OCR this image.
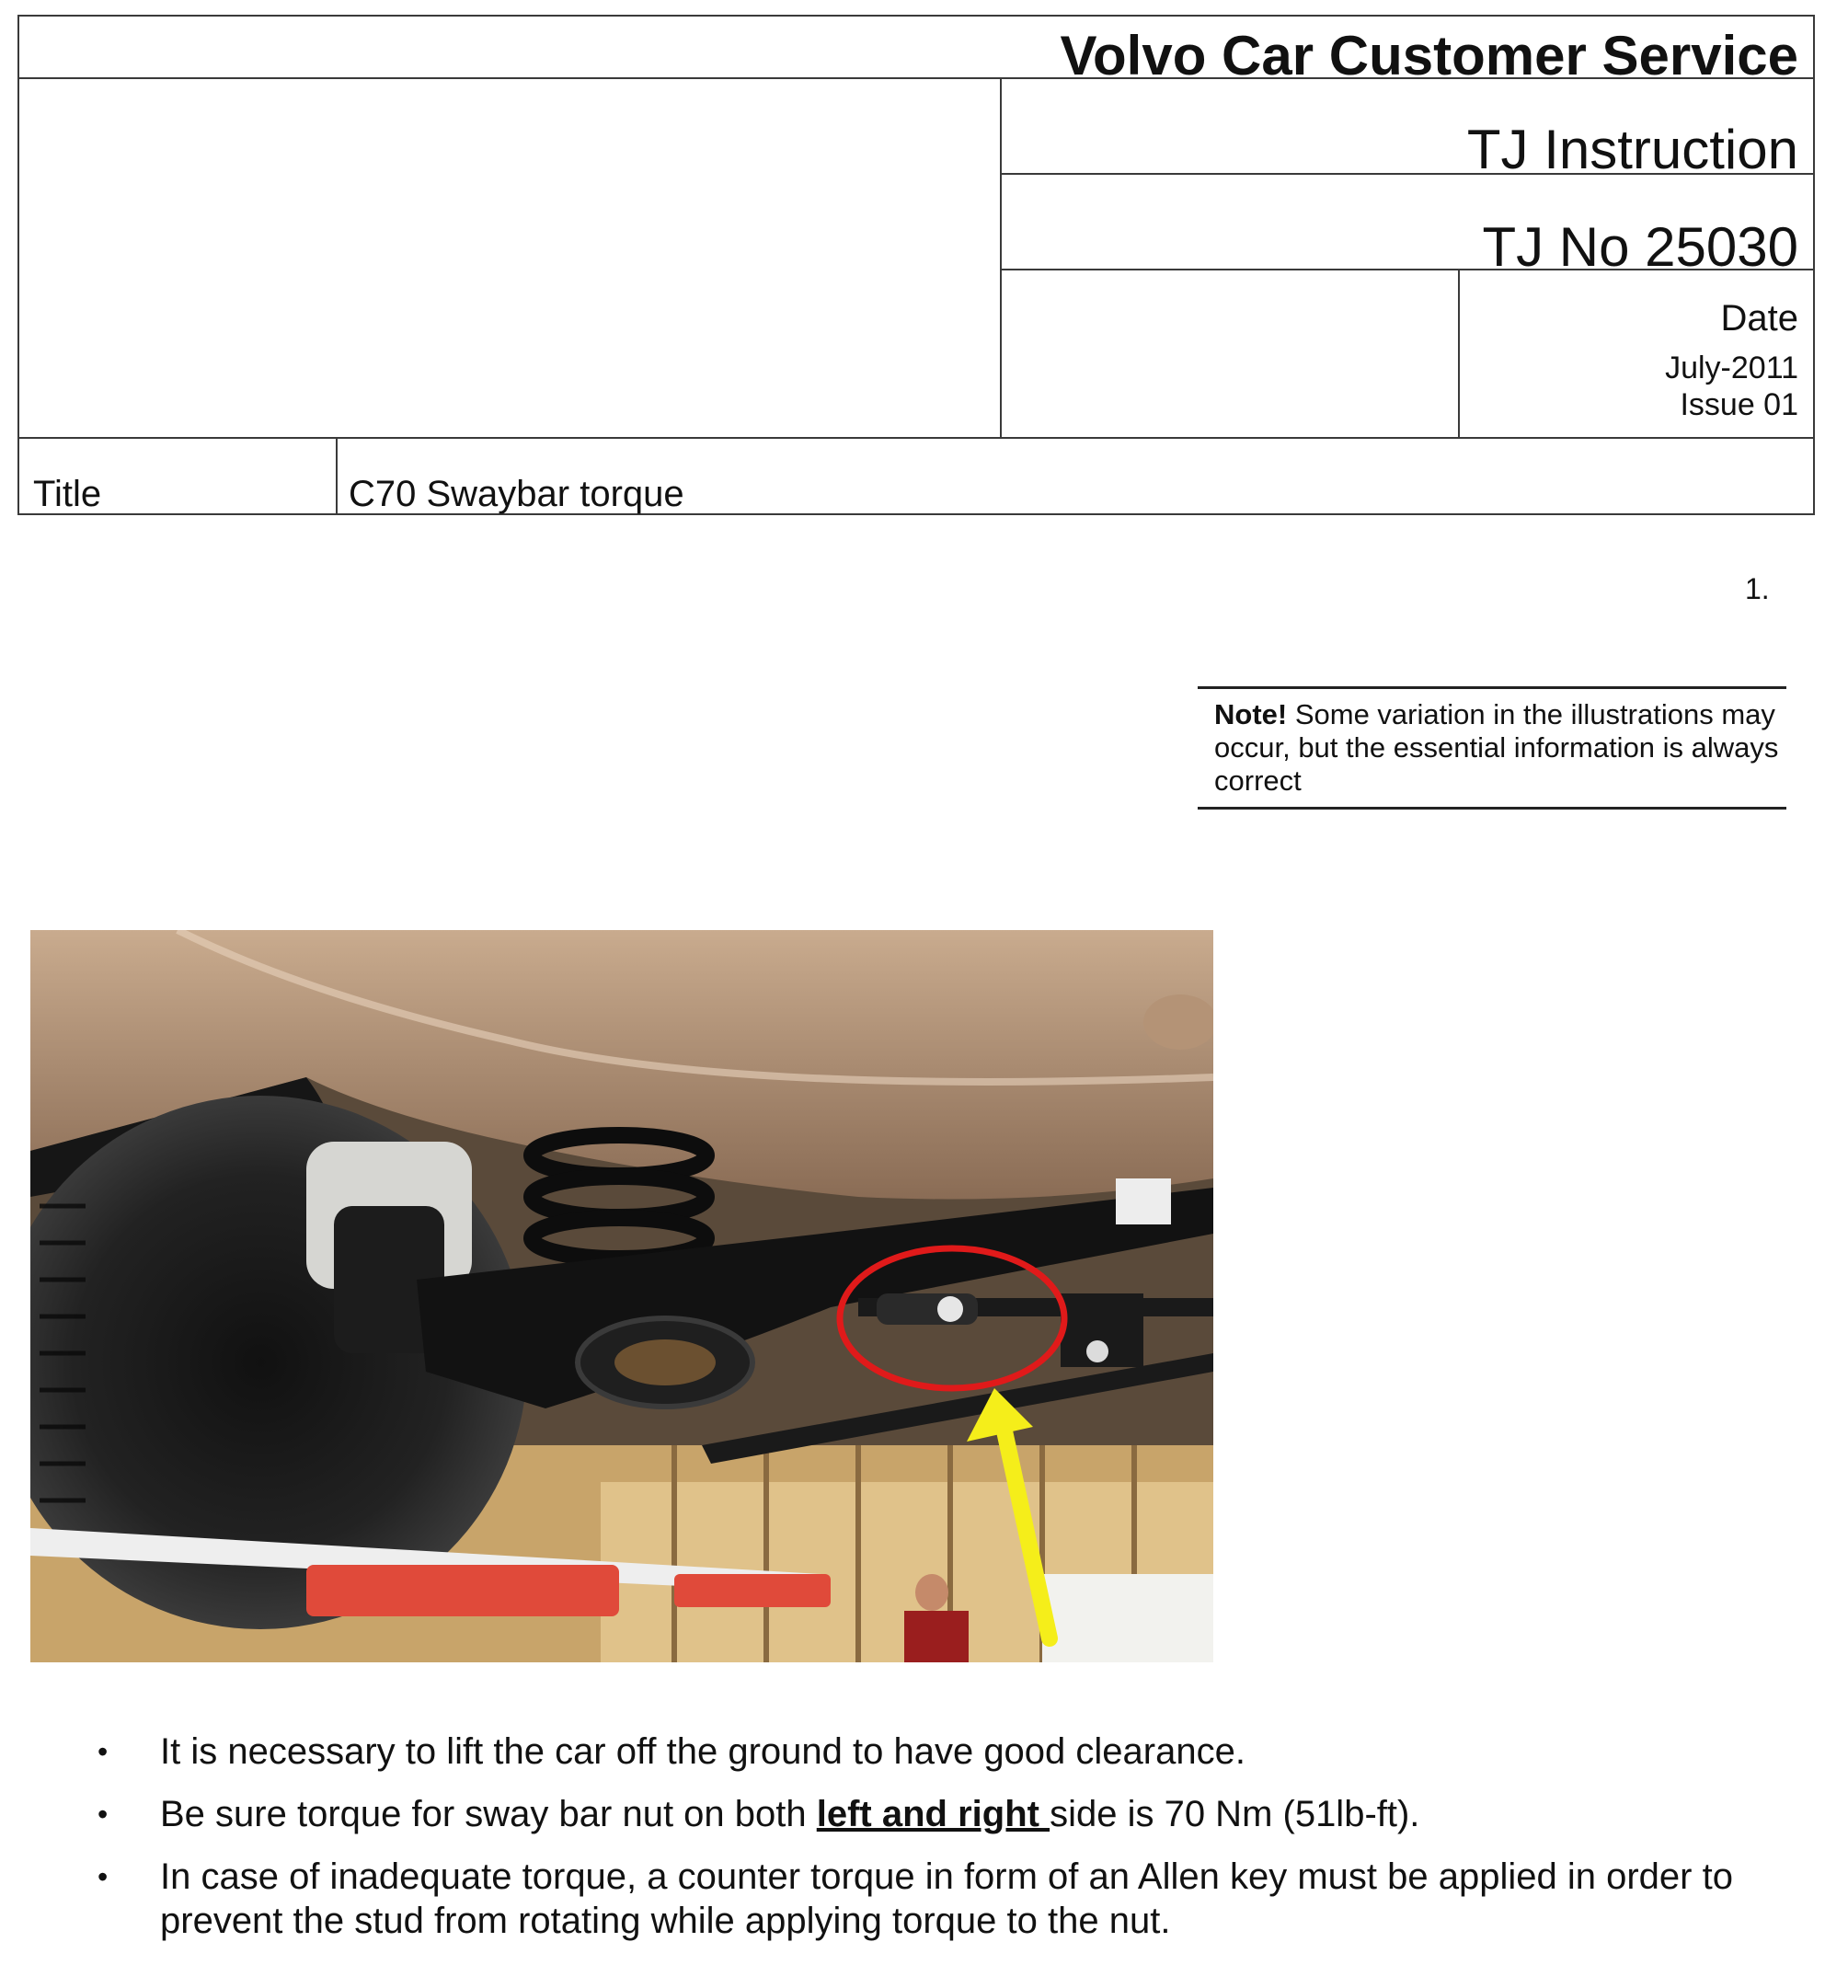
Volvo Car Customer Service
TJ Instruction
TJ No 25030
Date
July-2011
Issue 01
Title	C70 Swaybar torque
1.
Note! Some variation in the illustrations may occur, but the essential information is always correct
• It is necessary to lift the car off the ground to have good clearance.
• Be sure torque for sway bar nut on both left and right side is 70 Nm (51lb-ft).
• In case of inadequate torque, a counter torque in form of an Allen key must be applied in order to prevent the stud from rotating while applying torque to the nut.
